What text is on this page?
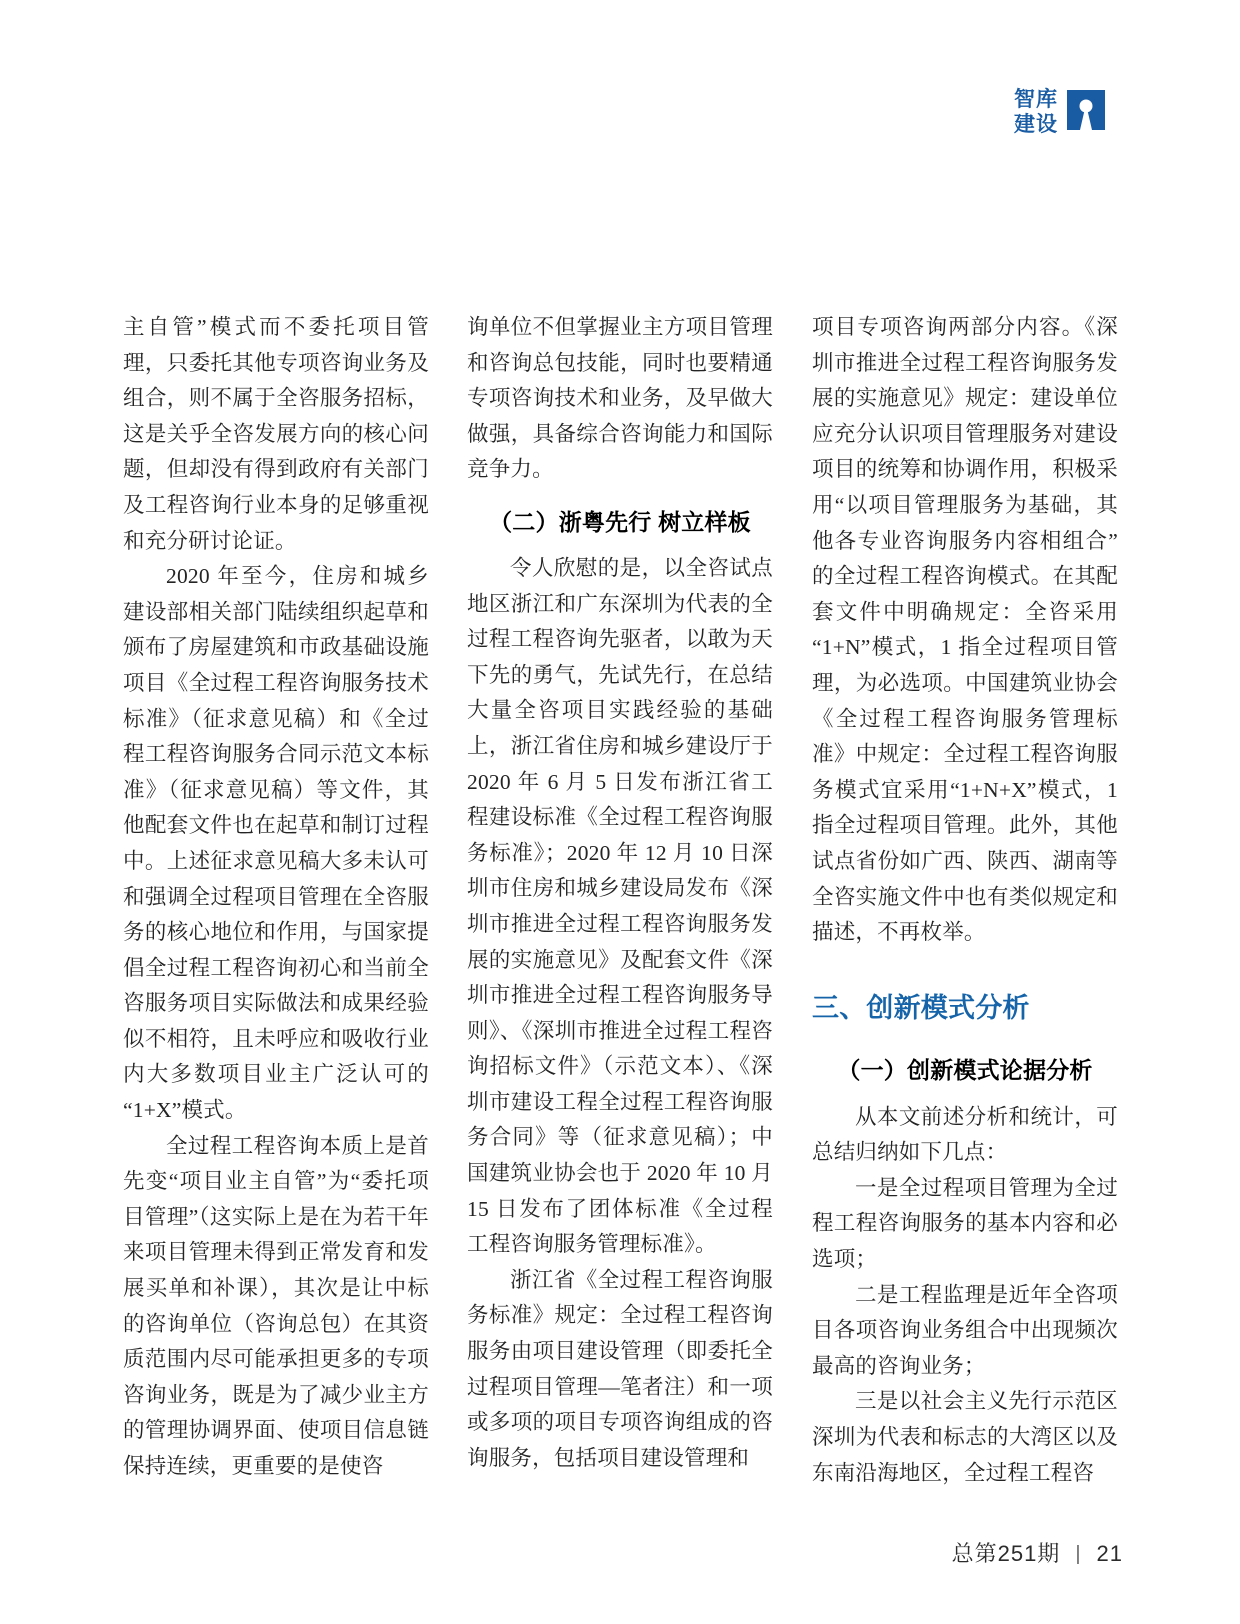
智库
建设

主自管”模式而不委托项目管理，只委托其他专项咨询业务及组合，则不属于全咨服务招标，这是关乎全咨发展方向的核心问题，但却没有得到政府有关部门及工程咨询行业本身的足够重视和充分研讨论证。

2020 年至今，住房和城乡建设部相关部门陆续组织起草和颁布了房屋建筑和市政基础设施项目《全过程工程咨询服务技术标准》（征求意见稿）和《全过程工程咨询服务合同示范文本标准》（征求意见稿）等文件，其他配套文件也在起草和制订过程中。上述征求意见稿大多未认可和强调全过程项目管理在全咨服务的核心地位和作用，与国家提倡全过程工程咨询初心和当前全咨服务项目实际做法和成果经验似不相符，且未呼应和吸收行业内大多数项目业主广泛认可的“1+X”模式。

全过程工程咨询本质上是首先变“项目业主自管”为“委托项目管理”（这实际上是在为若干年来项目管理未得到正常发育和发展买单和补课），其次是让中标的咨询单位（咨询总包）在其资质范围内尽可能承担更多的专项咨询业务，既是为了减少业主方的管理协调界面、使项目信息链保持连续，更重要的是使咨

询单位不但掌握业主方项目管理和咨询总包技能，同时也要精通专项咨询技术和业务，及早做大做强，具备综合咨询能力和国际竞争力。

（二）浙粤先行 树立样板

令人欣慰的是，以全咨试点地区浙江和广东深圳为代表的全过程工程咨询先驱者，以敢为天下先的勇气，先试先行，在总结大量全咨项目实践经验的基础上，浙江省住房和城乡建设厅于 2020 年 6 月 5 日发布浙江省工程建设标准《全过程工程咨询服务标准》；2020 年 12 月 10 日深圳市住房和城乡建设局发布《深圳市推进全过程工程咨询服务发展的实施意见》及配套文件《深圳市推进全过程工程咨询服务导则》、《深圳市推进全过程工程咨询招标文件》（示范文本）、《深圳市建设工程全过程工程咨询服务合同》等（征求意见稿）；中国建筑业协会也于 2020 年 10 月 15 日发布了团体标准《全过程工程咨询服务管理标准》。

浙江省《全过程工程咨询服务标准》规定：全过程工程咨询服务由项目建设管理（即委托全过程项目管理—笔者注）和一项或多项的项目专项咨询组成的咨询服务，包括项目建设管理和

项目专项咨询两部分内容。《深圳市推进全过程工程咨询服务发展的实施意见》规定：建设单位应充分认识项目管理服务对建设项目的统筹和协调作用，积极采用“以项目管理服务为基础，其他各专业咨询服务内容相组合”的全过程工程咨询模式。在其配套文件中明确规定：全咨采用“1+N”模式，1 指全过程项目管理，为必选项。中国建筑业协会《全过程工程咨询服务管理标准》中规定：全过程工程咨询服务模式宜采用“1+N+X”模式，1 指全过程项目管理。此外，其他试点省份如广西、陕西、湖南等全咨实施文件中也有类似规定和描述，不再枚举。

三、创新模式分析
（一）创新模式论据分析

从本文前述分析和统计，可总结归纳如下几点：

一是全过程项目管理为全过程工程咨询服务的基本内容和必选项；

二是工程监理是近年全咨项目各项咨询业务组合中出现频次最高的咨询业务；

三是以社会主义先行示范区深圳为代表和标志的大湾区以及东南沿海地区，全过程工程咨

总第251期 | 21
